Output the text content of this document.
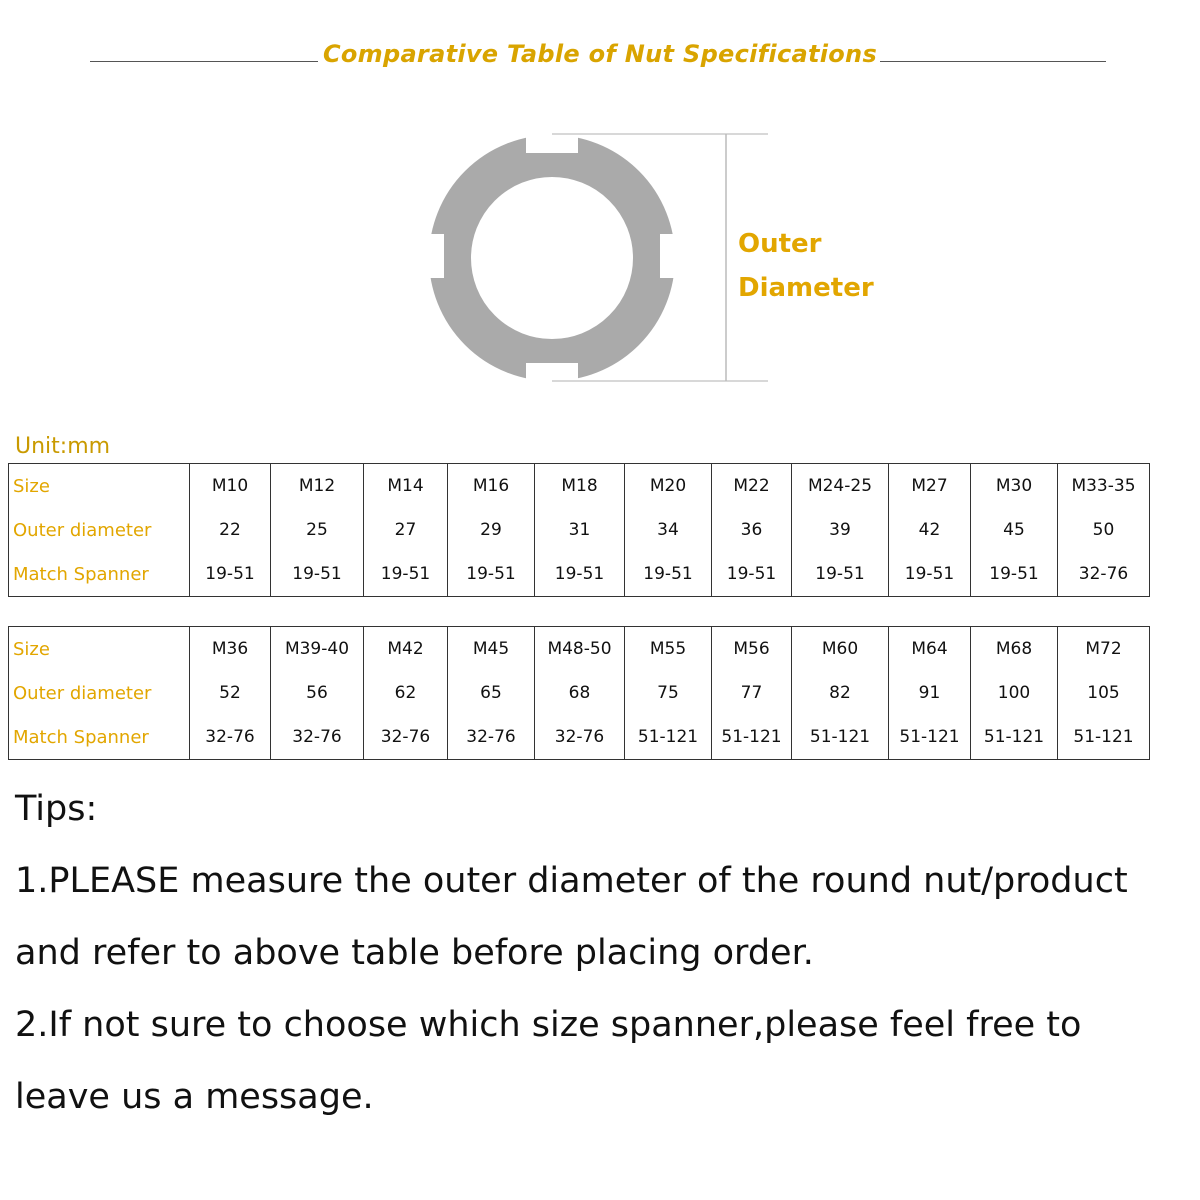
Comparative Table of Nut Specifications
Outer
Diameter
Unit:mm
Size	M10	M12	M14	M16	M18	M20	M22	M24-25	M27	M30	M33-35
Outer diameter	22	25	27	29	31	34	36	39	42	45	50
Match Spanner	19-51	19-51	19-51	19-51	19-51	19-51	19-51	19-51	19-51	19-51	32-76
Size	M36	M39-40	M42	M45	M48-50	M55	M56	M60	M64	M68	M72
Outer diameter	52	56	62	65	68	75	77	82	91	100	105
Match Spanner	32-76	32-76	32-76	32-76	32-76	51-121	51-121	51-121	51-121	51-121	51-121
Tips:
1.PLEASE measure the outer diameter of the round nut/product
and refer to above table before placing order.
2.If not sure to choose which size spanner,please feel free to
leave us a message.
